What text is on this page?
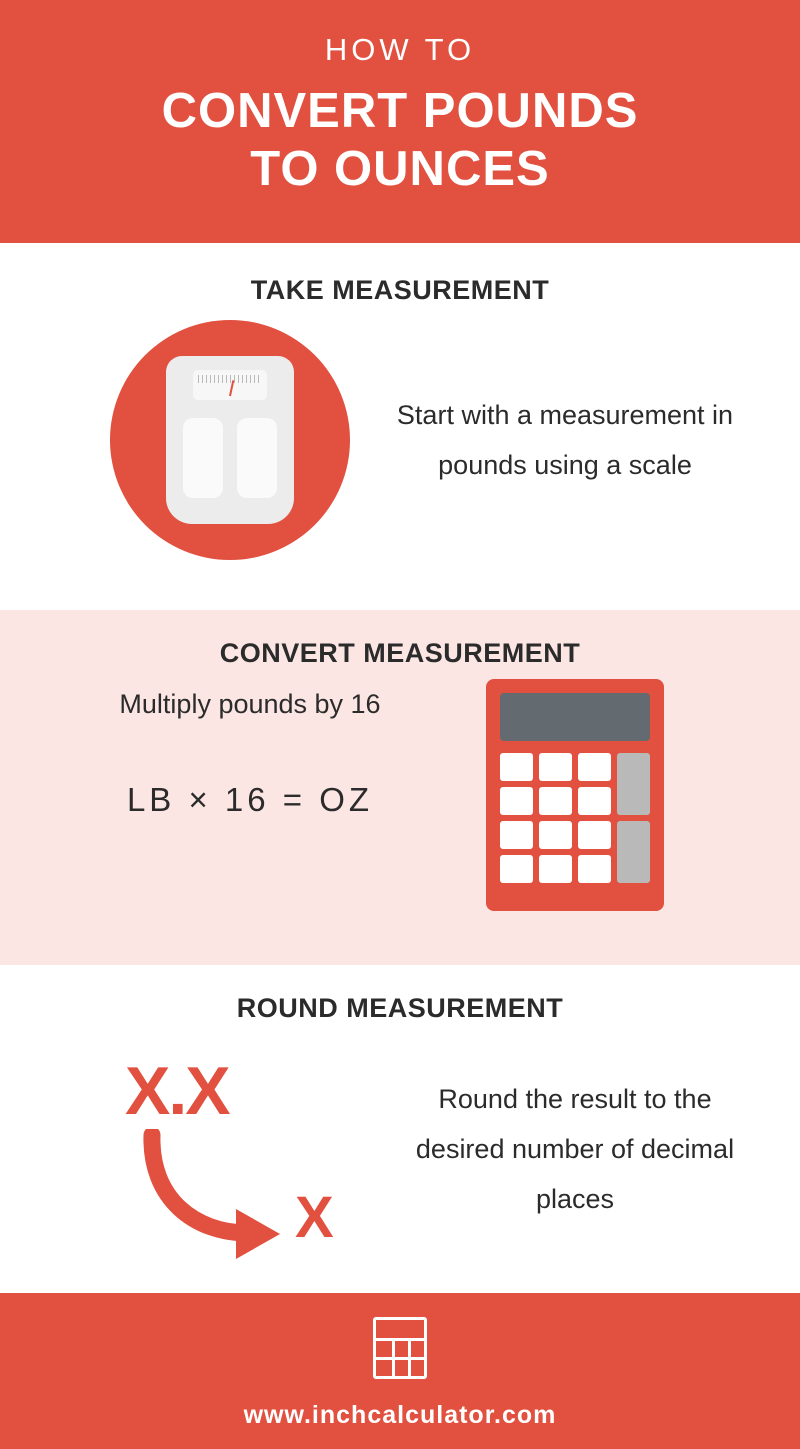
HOW TO
CONVERT POUNDS
TO OUNCES
TAKE MEASUREMENT
Start with a measurement in pounds using a scale
CONVERT MEASUREMENT
Multiply pounds by 16
LB × 16 = OZ
ROUND MEASUREMENT
X.X
X
Round the result to the desired number of decimal places
www.inchcalculator.com
